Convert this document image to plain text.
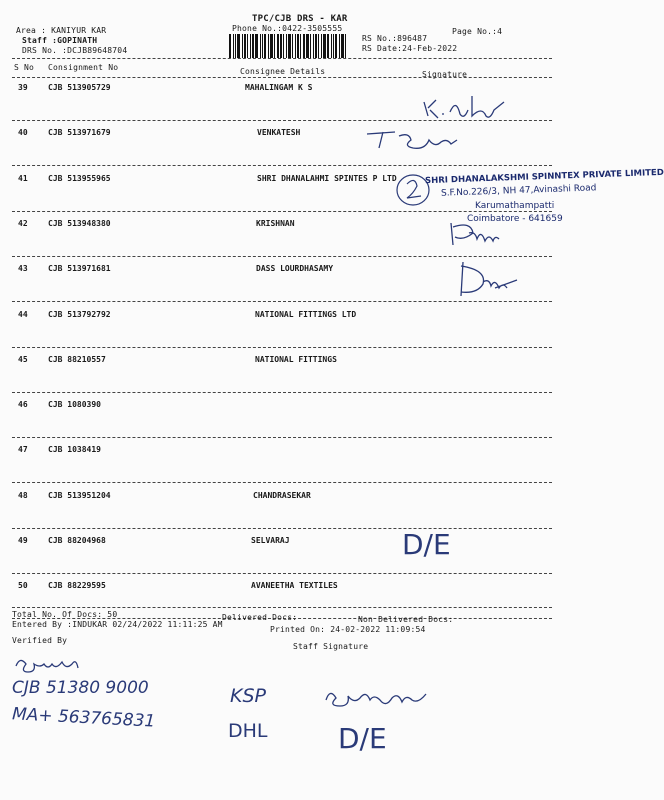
Area : KANIYUR KAR
Staff :GOPINATH
DRS No. :DCJB89648704
TPC/CJB DRS - KAR
Phone No.:0422-3505555
RS No.:896487
RS Date:24-Feb-2022
Page No.:4
S No Consignment No	Consignee Details	Signature
39	CJB 513905729	MAHALINGAM K S
40	CJB 513971679	VENKATESH
41	CJB 513955965	SHRI DHANALAHMI SPINTES P LTD
42	CJB 513948380	KRISHNAN
43	CJB 513971681	DASS LOURDHASAMY
44	CJB 513792792	NATIONAL FITTINGS LTD
45	CJB 88210557	NATIONAL FITTINGS
46	CJB 1080390
47	CJB 1038419
48	CJB 513951204	CHANDRASEKAR
49	CJB 88204968	SELVARAJ
50	CJB 88229595	AVANEETHA TEXTILES
D/E
SHRI DHANALAKSHMI SPINNTEX PRIVATE LIMITED
S.F.No.226/3, NH 47,Avinashi Road
Karumathampatti
Coimbatore - 641659
Total No. Of Docs: 50	Delivered Docs:	Non Delivered Docs:
Entered By :INDUKAR 02/24/2022 11:11:25 AM
Printed On: 24-02-2022 11:09:54
Verified By
Staff Signature
CJB 51380 9000
MA+ 563765831
KSP
DHL	D/E
